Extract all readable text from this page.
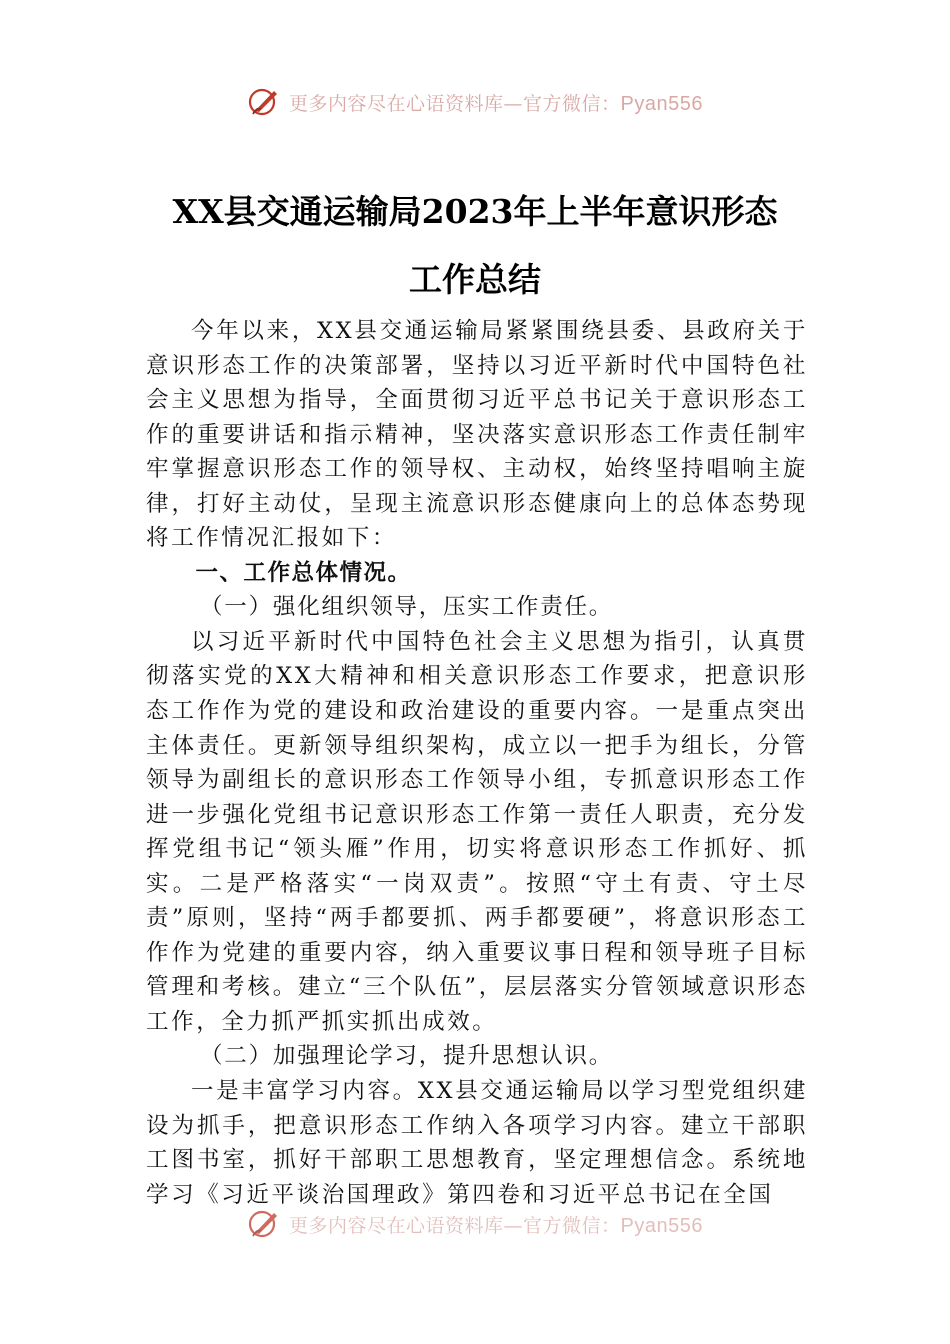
更多内容尽在心语资料库—官方微信：Pyan556
XX县交通运输局2023年上半年意识形态
工作总结

今年以来，XX县交通运输局紧紧围绕县委、县政府关于意识形态工作的决策部署，坚持以习近平新时代中国特色社会主义思想为指导，全面贯彻习近平总书记关于意识形态工作的重要讲话和指示精神，坚决落实意识形态工作责任制牢牢掌握意识形态工作的领导权、主动权，始终坚持唱响主旋律，打好主动仗，呈现主流意识形态健康向上的总体态势现将工作情况汇报如下：

一、工作总体情况。

（一）强化组织领导，压实工作责任。

以习近平新时代中国特色社会主义思想为指引，认真贯彻落实党的XX大精神和相关意识形态工作要求，把意识形态工作作为党的建设和政治建设的重要内容。一是重点突出主体责任。更新领导组织架构，成立以一把手为组长，分管领导为副组长的意识形态工作领导小组，专抓意识形态工作进一步强化党组书记意识形态工作第一责任人职责，充分发挥党组书记“领头雁”作用，切实将意识形态工作抓好、抓实。二是严格落实“一岗双责”。按照“守土有责、守土尽责”原则，坚持“两手都要抓、两手都要硬”，将意识形态工作作为党建的重要内容，纳入重要议事日程和领导班子目标管理和考核。建立“三个队伍”，层层落实分管领域意识形态工作，全力抓严抓实抓出成效。

（二）加强理论学习，提升思想认识。

一是丰富学习内容。XX县交通运输局以学习型党组织建设为抓手，把意识形态工作纳入各项学习内容。建立干部职工图书室，抓好干部职工思想教育，坚定理想信念。系统地学习《习近平谈治国理政》第四卷和习近平总书记在全国

更多内容尽在心语资料库—官方微信：Pyan556
